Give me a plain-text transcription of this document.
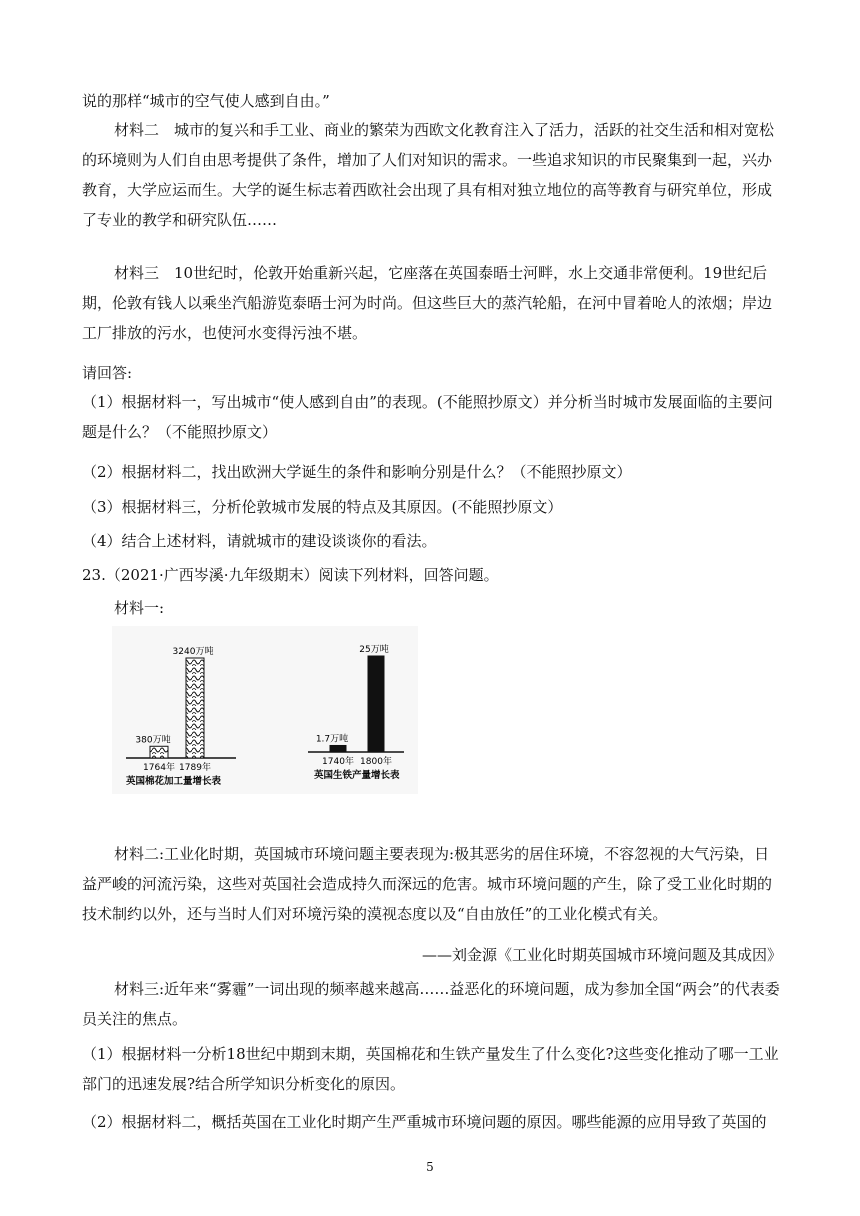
说的那样“城市的空气使人感到自由。”

材料二　城市的复兴和手工业、商业的繁荣为西欧文化教育注入了活力，活跃的社交生活和相对宽松的环境则为人们自由思考提供了条件，增加了人们对知识的需求。一些追求知识的市民聚集到一起，兴办教育，大学应运而生。大学的诞生标志着西欧社会出现了具有相对独立地位的高等教育与研究单位，形成了专业的教学和研究队伍……

材料三　10世纪时，伦敦开始重新兴起，它座落在英国泰晤士河畔，水上交通非常便利。19世纪后期，伦敦有钱人以乘坐汽船游览泰晤士河为时尚。但这些巨大的蒸汽轮船，在河中冒着呛人的浓烟；岸边工厂排放的污水，也使河水变得污浊不堪。

请回答:

（1）根据材料一，写出城市“使人感到自由”的表现。(不能照抄原文）并分析当时城市发展面临的主要问题是什么？（不能照抄原文）

（2）根据材料二，找出欧洲大学诞生的条件和影响分别是什么？（不能照抄原文）

（3）根据材料三，分析伦敦城市发展的特点及其原因。(不能照抄原文）

（4）结合上述材料，请就城市的建设谈谈你的看法。

23.（2021·广西岑溪·九年级期末）阅读下列材料，回答问题。

材料一:

380万吨
1764年
3240万吨
1789年
英国棉花加工量增长表
1.7万吨
1740年
25万吨
1800年
英国生铁产量增长表

材料二:工业化时期，英国城市环境问题主要表现为:极其恶劣的居住环境，不容忽视的大气污染，日益严峻的河流污染，这些对英国社会造成持久而深远的危害。城市环境问题的产生，除了受工业化时期的技术制约以外，还与当时人们对环境污染的漠视态度以及“自由放任”的工业化模式有关。

——刘金源《工业化时期英国城市环境问题及其成因》

材料三:近年来“雾霾”一词出现的频率越来越高……益恶化的环境问题，成为参加全国“两会”的代表委员关注的焦点。

（1）根据材料一分析18世纪中期到末期，英国棉花和生铁产量发生了什么变化?这些变化推动了哪一工业部门的迅速发展?结合所学知识分析变化的原因。

（2）根据材料二，概括英国在工业化时期产生严重城市环境问题的原因。哪些能源的应用导致了英国的

5
